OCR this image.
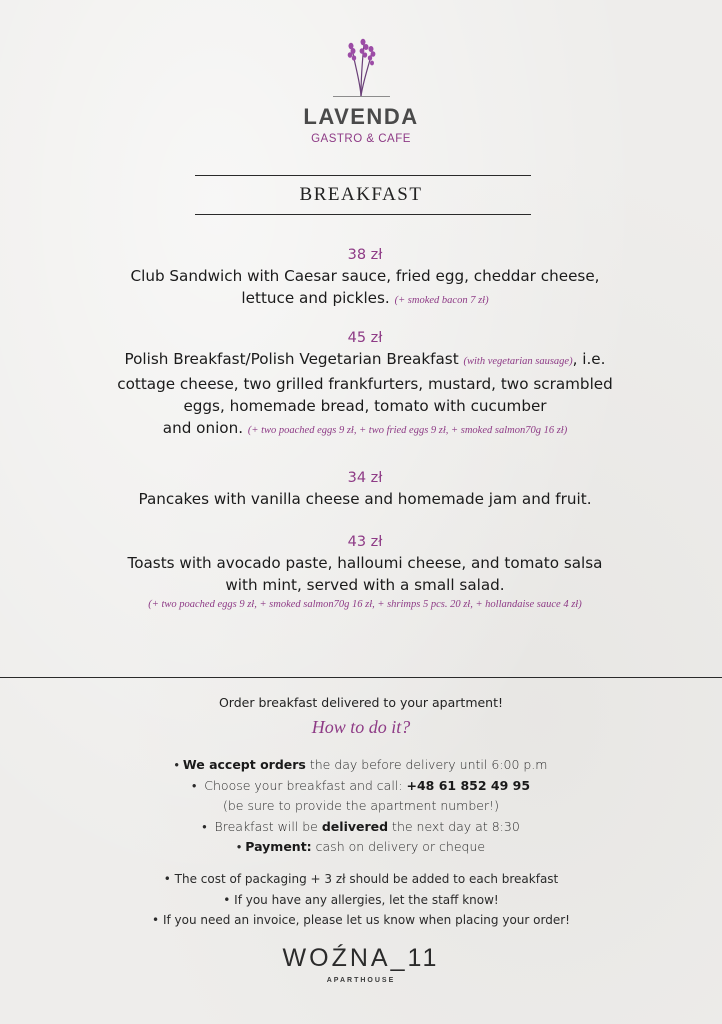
LAVENDA
GASTRO & CAFE
BREAKFAST
38 zł
Club Sandwich with Caesar sauce, fried egg, cheddar cheese,
lettuce and pickles. (+ smoked bacon 7 zł)
45 zł
Polish Breakfast/Polish Vegetarian Breakfast (with vegetarian sausage), i.e.
cottage cheese, two grilled frankfurters, mustard, two scrambled
eggs, homemade bread, tomato with cucumber
and onion. (+ two poached eggs 9 zł, + two fried eggs 9 zł, + smoked salmon70g 16 zł)
34 zł
Pancakes with vanilla cheese and homemade jam and fruit.
43 zł
Toasts with avocado paste, halloumi cheese, and tomato salsa
with mint, served with a small salad.
(+ two poached eggs 9 zł, + smoked salmon70g 16 zł, + shrimps 5 pcs. 20 zł, + hollandaise sauce 4 zł)
Order breakfast delivered to your apartment!
How to do it?
• We accept orders the day before delivery until 6:00 p.m
•  Choose your breakfast and call: +48 61 852 49 95
(be sure to provide the apartment number!)
•  Breakfast will be delivered the next day at 8:30
• Payment: cash on delivery or cheque
• The cost of packaging + 3 zł should be added to each breakfast
• If you have any allergies, let the staff know!
• If you need an invoice, please let us know when placing your order!
WOŹNA_11
APARTHOUSE
